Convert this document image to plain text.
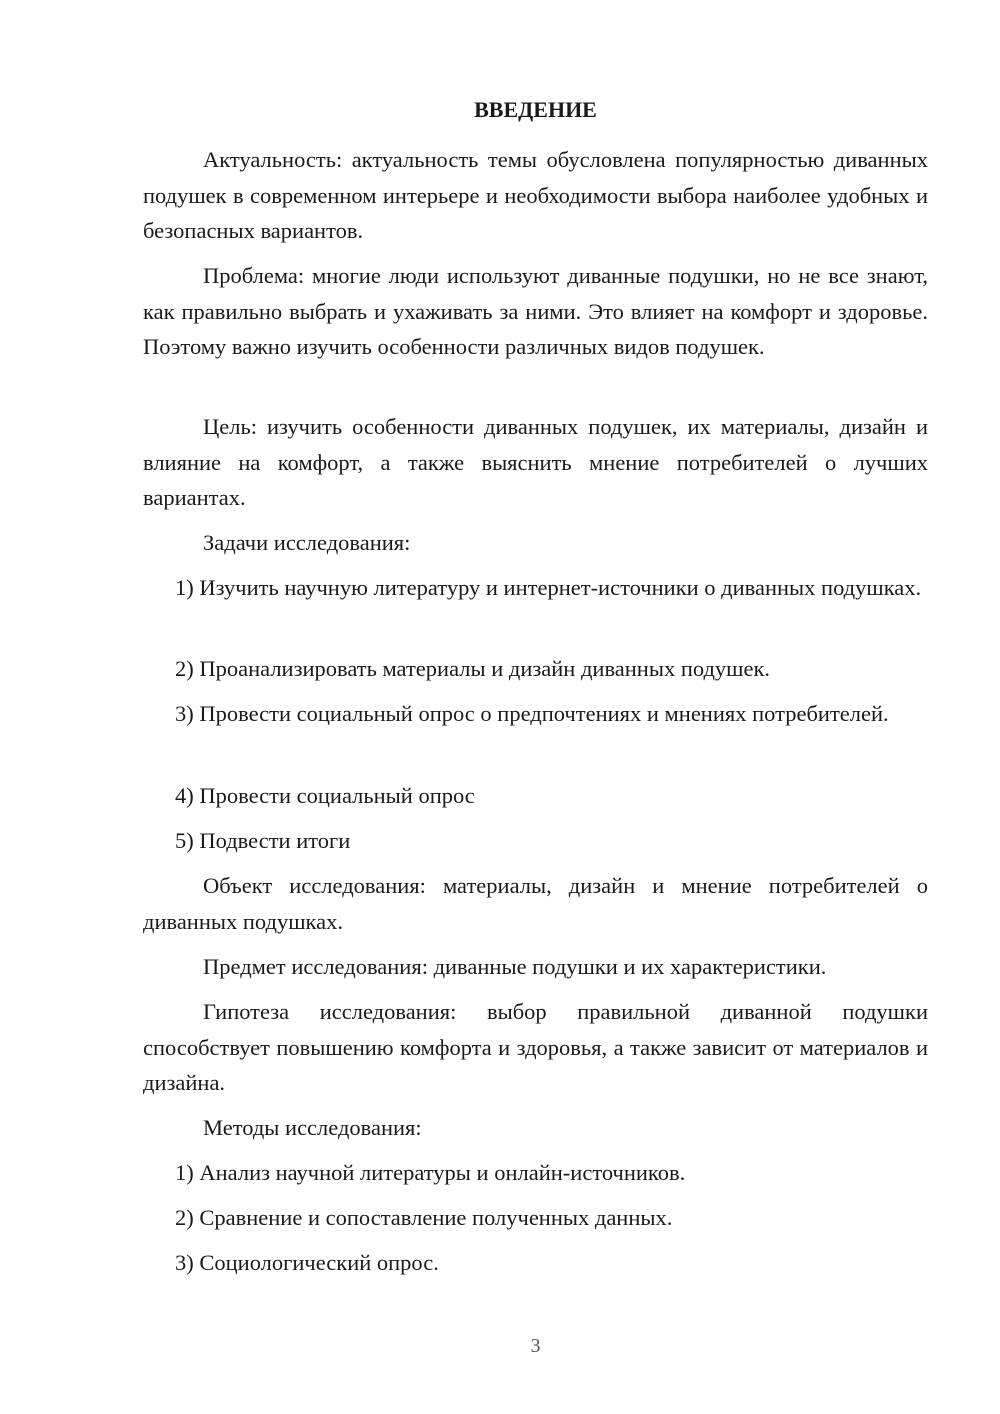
ВВЕДЕНИЕ

Актуальность: актуальность темы обусловлена популярностью диванных подушек в современном интерьере и необходимости выбора наиболее удобных и безопасных вариантов.

Проблема: многие люди используют диванные подушки, но не все знают, как правильно выбрать и ухаживать за ними. Это влияет на комфорт и здоровье. Поэтому важно изучить особенности различных видов подушек.

Цель: изучить особенности диванных подушек, их материалы, дизайн и влияние на комфорт, а также выяснить мнение потребителей о лучших вариантах.

Задачи исследования:

1) Изучить научную литературу и интернет-источники о диванных подушках.

2) Проанализировать материалы и дизайн диванных подушек.

3) Провести социальный опрос о предпочтениях и мнениях потребителей.

4) Провести социальный опрос

5) Подвести итоги

Объект исследования: материалы, дизайн и мнение потребителей о диванных подушках.

Предмет исследования: диванные подушки и их характеристики.

Гипотеза исследования: выбор правильной диванной подушки способствует повышению комфорта и здоровья, а также зависит от материалов и дизайна.

Методы исследования:

1) Анализ научной литературы и онлайн-источников.

2) Сравнение и сопоставление полученных данных.

3) Социологический опрос.

3
